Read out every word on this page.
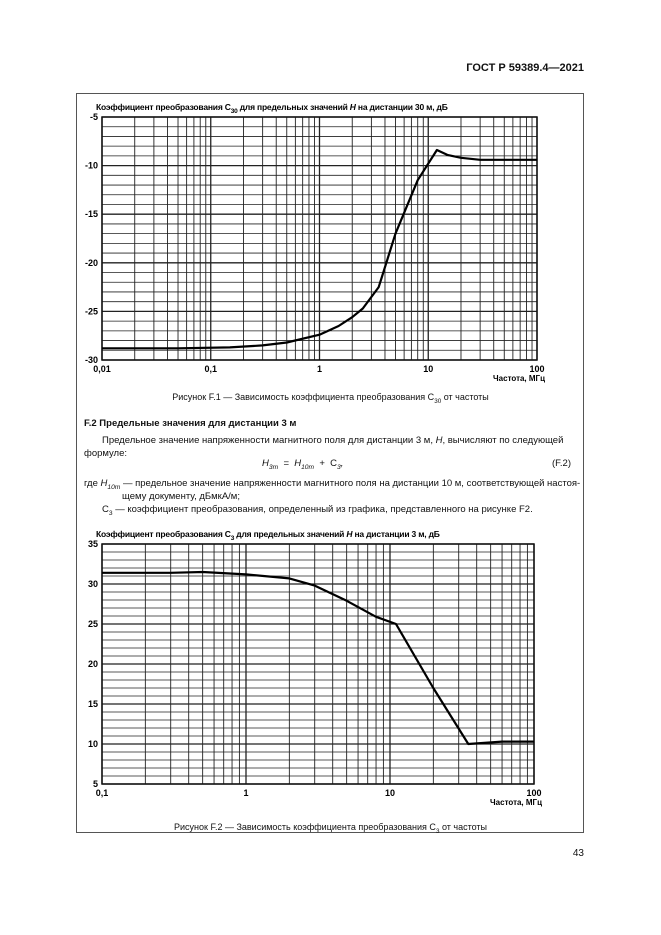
ГОСТ Р 59389.4—2021
Коэффициент преобразования $C_{30}$ для предельных значений H на дистанции 30 м, дБ
-5
-10
-15
-20
-25
-30
0,01	0,1	1	10	100
Частота, МГц
Рисунок F.1 — Зависимость коэффициента преобразования $C_{30}$ от частоты
F.2 Предельные значения для дистанции 3 м
Предельное значение напряженности магнитного поля для дистанции 3 м, H, вычисляют по следующей
формуле:
$H_{3m} = H_{10m} + C_3$,	(F.2)
где $H_{10m}$ — предельное значение напряженности магнитного поля на дистанции 10 м, соответствующей настоя-
щему документу, дБмкА/м;
$C_3$ — коэффициент преобразования, определенный из графика, представленного на рисунке F2.
Коэффициент преобразования $C_3$ для предельных значений H на дистанции 3 м, дБ
35
30
25
20
15
10
5
0,1	1	10	100
Частота, МГц
Рисунок F.2 — Зависимость коэффициента преобразования $C_3$ от частоты
43
